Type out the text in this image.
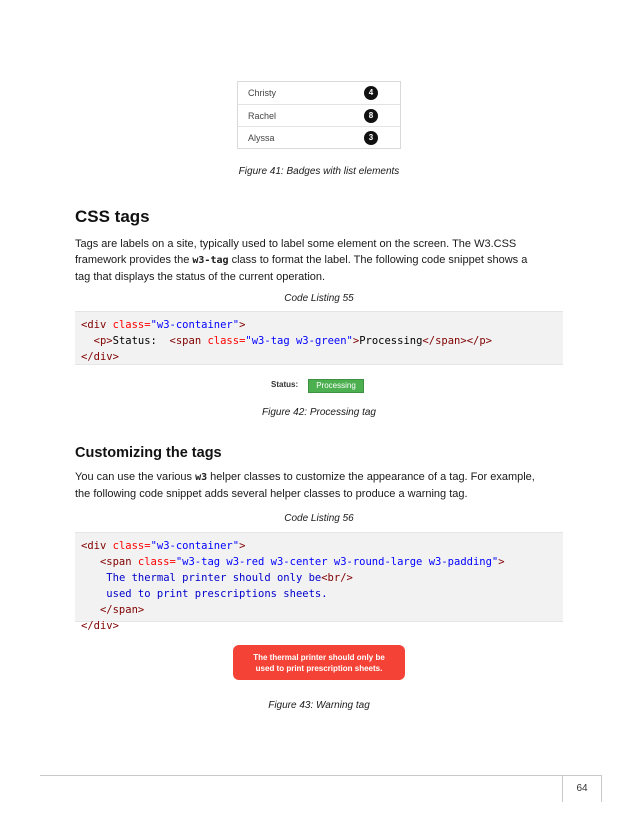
Christy	4
Rachel	8
Alyssa	3
Figure 41: Badges with list elements
CSS tags
Tags are labels on a site, typically used to label some element on the screen. The W3.CSS
framework provides the w3-tag class to format the label. The following code snippet shows a
tag that displays the status of the current operation.
Code Listing 55
<div class="w3-container">
<p>Status:  <span class="w3-tag w3-green">Processing</span></p>
</div>
Status:	Processing
Figure 42: Processing tag
Customizing the tags
You can use the various w3 helper classes to customize the appearance of a tag. For example,
the following code snippet adds several helper classes to produce a warning tag.
Code Listing 56
<div class="w3-container">
<span class="w3-tag w3-red w3-center w3-round-large w3-padding">
The thermal printer should only be<br/>
used to print prescriptions sheets.
</span>
</div>
The thermal printer should only be
used to print prescription sheets.
Figure 43: Warning tag
64
